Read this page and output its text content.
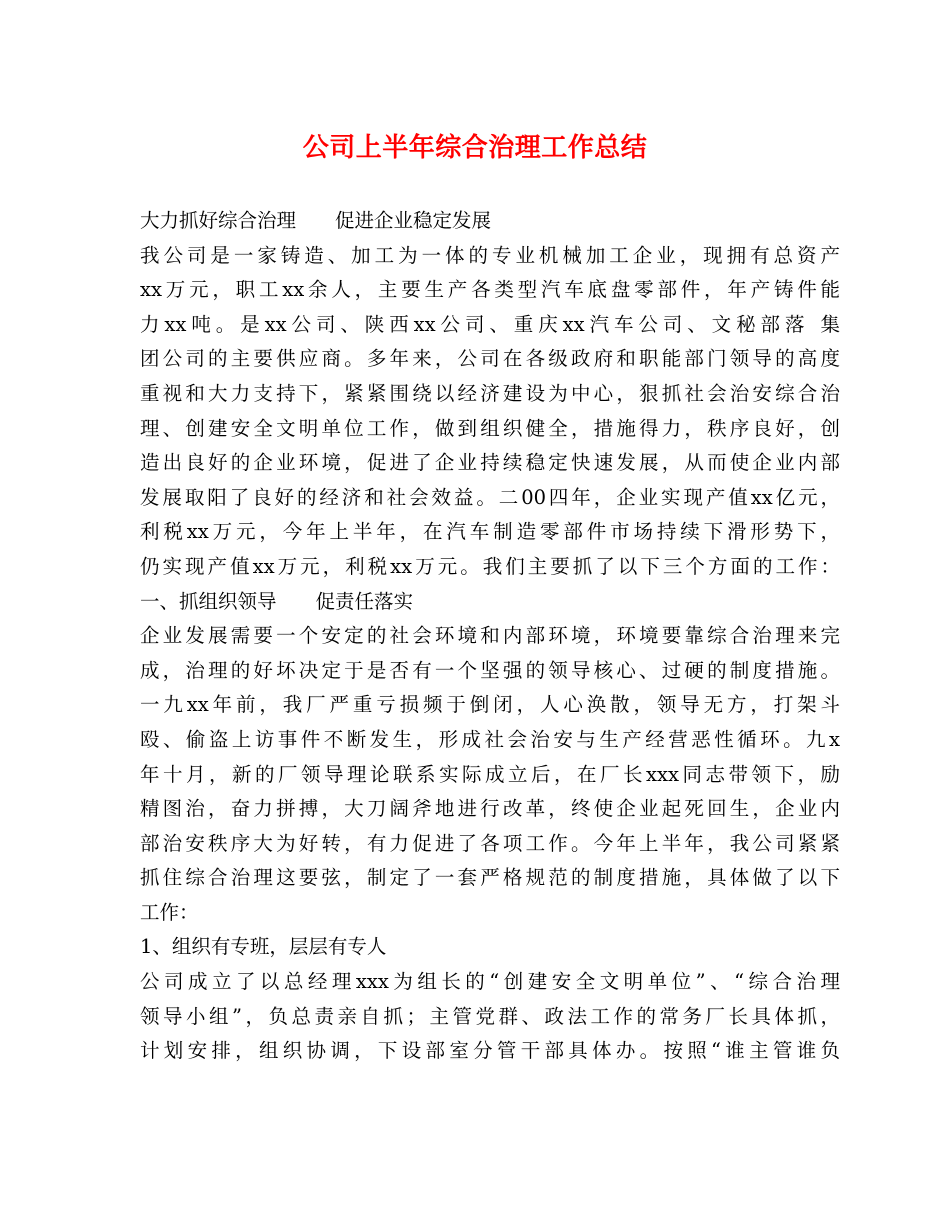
公司上半年综合治理工作总结
大力抓好综合治理　　促进企业稳定发展
我公司是一家铸造、加工为一体的专业机械加工企业，现拥有总资产
xx万元，职工xx余人，主要生产各类型汽车底盘零部件，年产铸件能
力xx吨。是xx公司、陕西xx公司、重庆xx汽车公司、文秘部落 集
团公司的主要供应商。多年来，公司在各级政府和职能部门领导的高度
重视和大力支持下，紧紧围绕以经济建设为中心，狠抓社会治安综合治
理、创建安全文明单位工作，做到组织健全，措施得力，秩序良好，创
造出良好的企业环境，促进了企业持续稳定快速发展，从而使企业内部
发展取阳了良好的经济和社会效益。二00四年，企业实现产值xx亿元，
利税xx万元，今年上半年，在汽车制造零部件市场持续下滑形势下，
仍实现产值xx万元，利税xx万元。我们主要抓了以下三个方面的工作：
一、抓组织领导　　促责任落实
企业发展需要一个安定的社会环境和内部环境，环境要靠综合治理来完
成，治理的好坏决定于是否有一个坚强的领导核心、过硬的制度措施。
一九xx年前，我厂严重亏损频于倒闭，人心涣散，领导无方，打架斗
殴、偷盗上访事件不断发生，形成社会治安与生产经营恶性循环。九x
年十月，新的厂领导理论联系实际成立后，在厂长xxx同志带领下，励
精图治，奋力拼搏，大刀阔斧地进行改革，终使企业起死回生，企业内
部治安秩序大为好转，有力促进了各项工作。今年上半年，我公司紧紧
抓住综合治理这要弦，制定了一套严格规范的制度措施，具体做了以下
工作：
1、组织有专班，层层有专人
公司成立了以总经理xxx为组长的“创建安全文明单位”、“综合治理
领导小组”，负总责亲自抓；主管党群、政法工作的常务厂长具体抓，
计划安排，组织协调，下设部室分管干部具体办。按照“谁主管谁负
